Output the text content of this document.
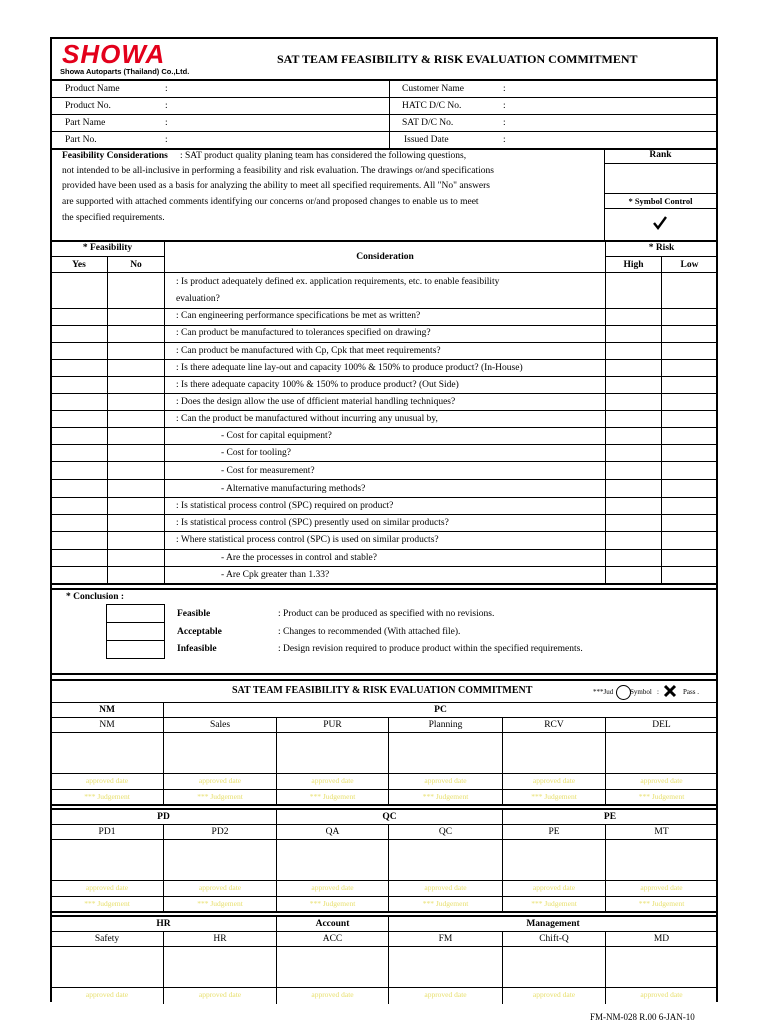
SHOWA
Showa Autoparts (Thailand) Co.,Ltd.
SAT TEAM FEASIBILITY & RISK EVALUATION COMMITMENT
Product Name	:
Product No.	:
Part Name	:
Part No.	:
Customer Name	:
HATC D/C No.	:
SAT D/C No.	:
Issued Date	:
Feasibility Considerations : SAT product quality planing team has considered the following questions,
not intended to be all-inclusive in performing a feasibility and risk evaluation. The drawings or/and specifications
provided have been used as a basis for analyzing the ability to meet all specified requirements. All "No" answers
are supported with attached comments identifying our concerns or/and proposed changes to enable us to meet
the specified requirements.
Rank
* Symbol Control
* Feasibility
Yes	No
Consideration
* Risk
High	Low
: Is product adequately defined ex. application requirements, etc. to enable feasibility
evaluation?
: Can engineering performance specifications be met as written?
: Can product be manufactured to tolerances specified on drawing?
: Can product be manufactured with Cp, Cpk that meet requirements?
: Is there adequate line lay-out and capacity 100% & 150% to produce product? (In-House)
: Is there adequate capacity 100% & 150% to produce product? (Out Side)
: Does the design allow the use of dfficient material handling techniques?
: Can the product be manufactured without incurring any unusual by,
- Cost for capital equipment?
- Cost for tooling?
- Cost for measurement?
- Alternative manufacturing methods?
: Is statistical process control (SPC) required on product?
: Is statistical process control (SPC) presently used on similar products?
: Where statistical process control (SPC) is used on similar products?
- Are the processes in control and stable?
- Are Cpk greater than 1.33?
* Conclusion :
Feasible	: Product can be produced as specified with no revisions.
Acceptable	: Changes to recommended (With attached file).
Infeasible	: Design revision required to produce product within the specified requirements.
SAT TEAM FEASIBILITY & RISK EVALUATION COMMITMENT	***Jud Symbol :	Pass .
NM	PC
NM	Sales	PUR	Planning	RCV	DEL
approved date	approved date	approved date	approved date	approved date	approved date
*** Judgement	*** Judgement	*** Judgement	*** Judgement	*** Judgement	*** Judgement
PD	QC	PE
PD1	PD2	QA	QC	PE	MT
approved date	approved date	approved date	approved date	approved date	approved date
*** Judgement	*** Judgement	*** Judgement	*** Judgement	*** Judgement	*** Judgement
HR	Account	Management
Safety	HR	ACC	FM	Chift-Q	MD
approved date	approved date	approved date	approved date	approved date	approved date
FM-NM-028 R.00 6-JAN-10
